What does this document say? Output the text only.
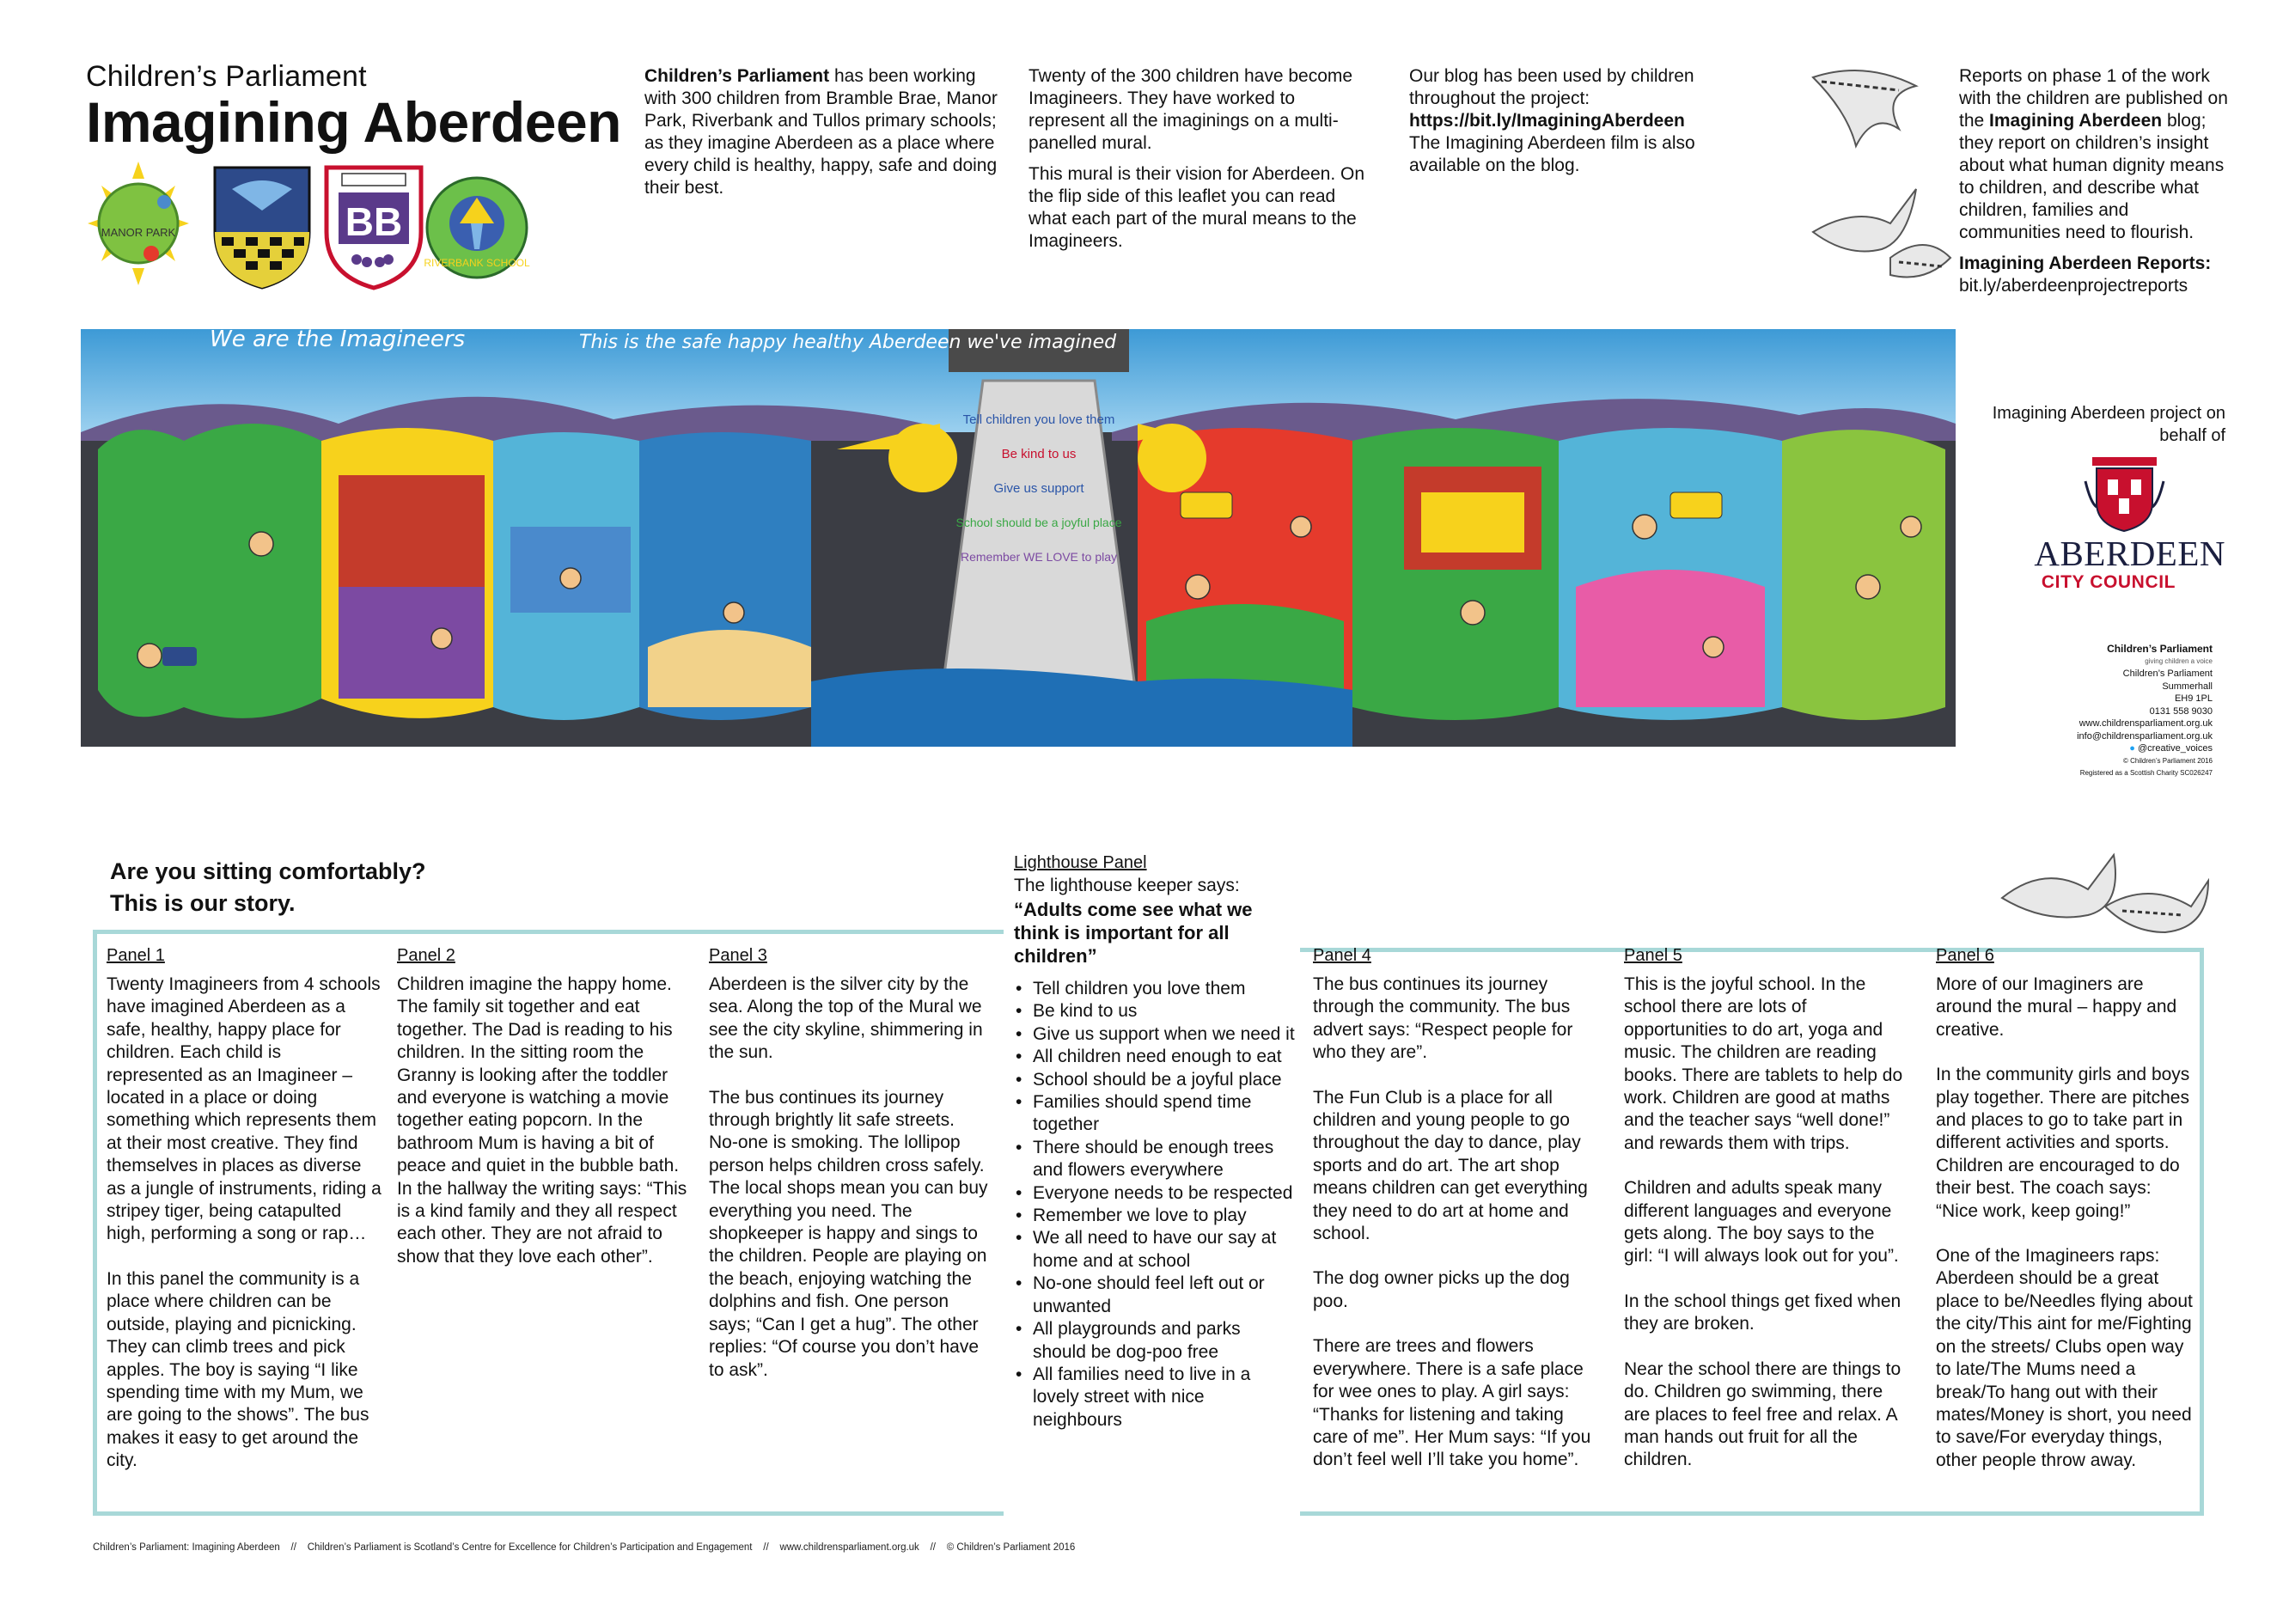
Children’s Parliament
Imagining Aberdeen
MANOR PARK	BB
RIVERBANK SCHOOL

Children’s Parliament has been working with 300 children from Bramble Brae, Manor Park, Riverbank and Tullos primary schools; as they imagine Aberdeen as a place where every child is healthy, happy, safe and doing their best.

Twenty of the 300 children have become Imagineers. They have worked to represent all the imaginings on a multi-panelled mural.

This mural is their vision for Aberdeen. On the flip side of this leaflet you can read what each part of the mural means to the Imagineers.

Our blog has been used by children throughout the project:

https://bit.ly/ImaginingAberdeen

The Imagining Aberdeen film is also available on the blog.

Reports on phase 1 of the work with the children are published on the Imagining Aberdeen blog; they report on children’s insight about what human dignity means to children, and describe what children, families and communities need to flourish.

Imagining Aberdeen Reports:

bit.ly/aberdeenprojectreports

Tell children you love them
Be kind to us
Give us support
School should be a joyful place
Remember WE LOVE to play
We are the Imagineers	This is the safe happy healthy Aberdeen we've imagined
Imagining Aberdeen project on behalf of
ABERDEEN
CITY COUNCIL
Children’s Parliament
giving children a voice
Children’s Parliament
Summerhall
EH9 1PL
0131 558 9030
www.childrensparliament.org.uk
info@childrensparliament.org.uk
● @creative_voices
© Children’s Parliament 2016
Registered as a Scottish Charity SC026247
Are you sitting comfortably?
This is our story.
Panel 1

Twenty Imagineers from 4 schools have imagined Aberdeen as a safe, healthy, happy place for children. Each child is represented as an Imagineer – located in a place or doing something which represents them at their most creative. They find themselves in places as diverse as a jungle of instruments, riding a stripey tiger, being catapulted high, performing a song or rap…

In this panel the community is a place where children can be outside, playing and picnicking. They can climb trees and pick apples. The boy is saying “I like spending time with my Mum, we are going to the shows”. The bus makes it easy to get around the city.

Panel 2

Children imagine the happy home. The family sit together and eat together. The Dad is reading to his children. In the sitting room the Granny is looking after the toddler and everyone is watching a movie together eating popcorn. In the bathroom Mum is having a bit of peace and quiet in the bubble bath. In the hallway the writing says: “This is a kind family and they all respect each other. They are not afraid to show that they love each other”.

Panel 3

Aberdeen is the silver city by the sea. Along the top of the Mural we see the city skyline, shimmering in the sun.

The bus continues its journey through brightly lit safe streets. No-one is smoking. The lollipop person helps children cross safely. The local shops mean you can buy everything you need. The shopkeeper is happy and sings to the children. People are playing on the beach, enjoying watching the dolphins and fish. One person says; “Can I get a hug”. The other replies: “Of course you don’t have to ask”.

Lighthouse Panel
The lighthouse keeper says:
“Adults come see what we think is important for all children”
• Tell children you love them
• Be kind to us
• Give us support when we need it
• All children need enough to eat
• School should be a joyful place
• Families should spend time together
• There should be enough trees and flowers everywhere
• Everyone needs to be respected
• Remember we love to play
• We all need to have our say at home and at school
• No-one should feel left out or unwanted
• All playgrounds and parks should be dog-poo free
• All families need to live in a lovely street with nice neighbours
Panel 4

The bus continues its journey through the community. The bus advert says: “Respect people for who they are”.

The Fun Club is a place for all children and young people to go throughout the day to dance, play sports and do art. The art shop means children can get everything they need to do art at home and school.

The dog owner picks up the dog poo.

There are trees and flowers everywhere. There is a safe place for wee ones to play. A girl says: “Thanks for listening and taking care of me”. Her Mum says: “If you don’t feel well I’ll take you home”.

Panel 5

This is the joyful school. In the school there are lots of opportunities to do art, yoga and music. The children are reading books. There are tablets to help do work. Children are good at maths and the teacher says “well done!” and rewards them with trips.

Children and adults speak many different languages and everyone gets along. The boy says to the girl: “I will always look out for you”.

In the school things get fixed when they are broken.

Near the school there are things to do. Children go swimming, there are places to feel free and relax. A man hands out fruit for all the children.

Panel 6

More of our Imaginers are around the mural – happy and creative.

In the community girls and boys play together. There are pitches and places to go to take part in different activities and sports. Children are encouraged to do their best. The coach says: “Nice work, keep going!”

One of the Imagineers raps: Aberdeen should be a great place to be/Needles flying about the city/This aint for me/Fighting on the streets/ Clubs open way to late/The Mums need a break/To hang out with their mates/Money is short, you need to save/For everyday things, other people throw away.

Children’s Parliament: Imagining Aberdeen    //    Children’s Parliament is Scotland’s Centre for Excellence for Children’s Participation and Engagement    //    www.childrensparliament.org.uk    //    © Children’s Parliament 2016
